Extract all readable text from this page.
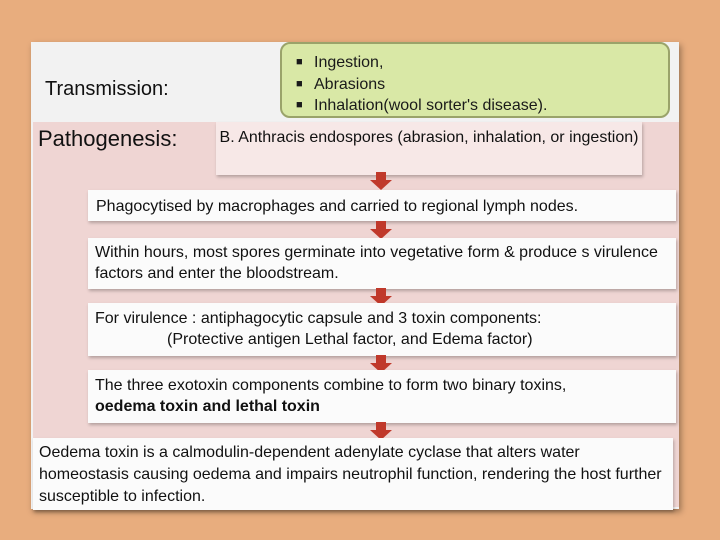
Transmission:
■ Ingestion,
■ Abrasions
■ Inhalation(wool sorter's disease).
Pathogenesis:	B. Anthracis endospores (abrasion, inhalation, or ingestion)
Phagocytised by macrophages and carried to regional lymph nodes.
Within hours, most spores germinate into vegetative form & produce s virulence factors and enter the bloodstream.
For virulence : antiphagocytic capsule and 3 toxin components:
(Protective antigen Lethal factor, and Edema factor)
The three exotoxin components combine to form two binary toxins,
oedema toxin and lethal toxin
Oedema toxin is a calmodulin-dependent adenylate cyclase that alters water homeostasis causing oedema and impairs neutrophil function, rendering the host further susceptible to infection.
